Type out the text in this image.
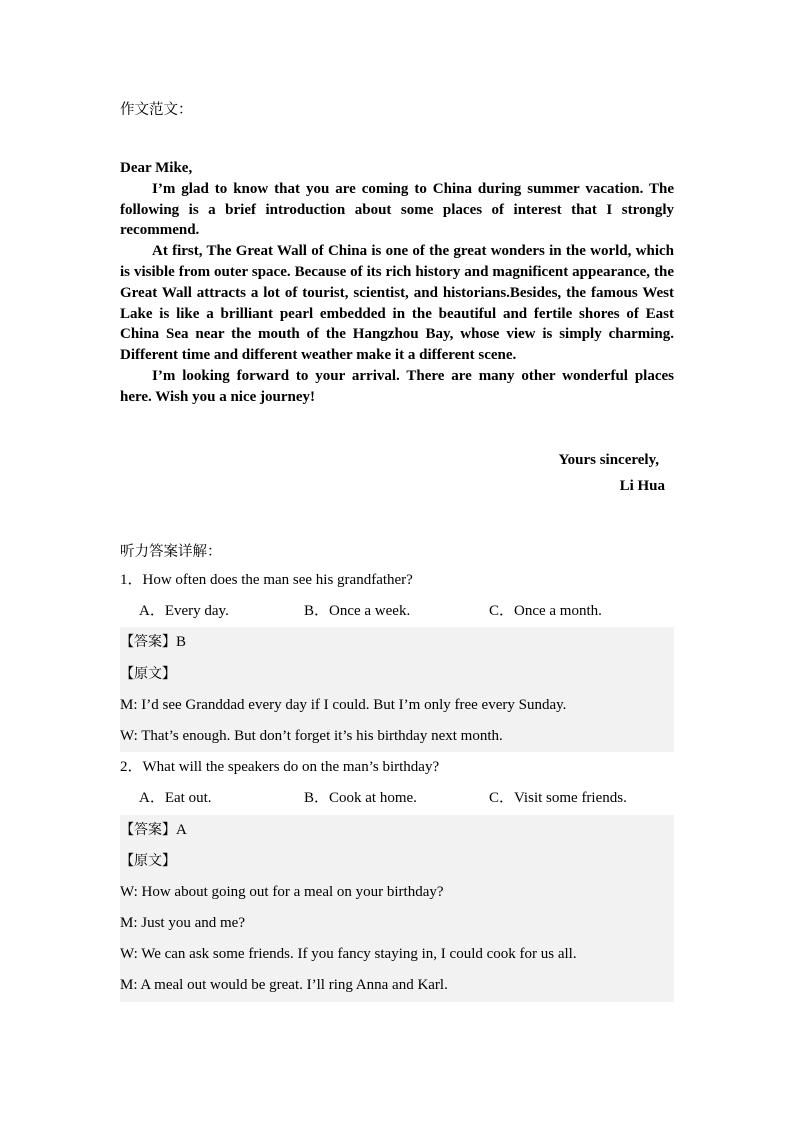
作文范文：

Dear Mike,

I’m glad to know that you are coming to China during summer vacation. The following is a brief introduction about some places of interest that I strongly recommend.

At first, The Great Wall of China is one of the great wonders in the world, which is visible from outer space. Because of its rich history and magnificent appearance, the Great Wall attracts a lot of tourist, scientist, and historians.Besides, the famous West Lake is like a brilliant pearl embedded in the beautiful and fertile shores of East China Sea near the mouth of the Hangzhou Bay, whose view is simply charming. Different time and different weather make it a different scene.

I’m looking forward to your arrival. There are many other wonderful places here. Wish you a nice journey!

Yours sincerely,
Li Hua
听力答案详解：
1．How often does the man see his grandfather?
A．Every day.	B．Once a week.	C．Once a month.
【答案】B
【原文】
M: I’d see Granddad every day if I could. But I’m only free every Sunday.
W: That’s enough. But don’t forget it’s his birthday next month.
2．What will the speakers do on the man’s birthday?
A．Eat out.	B．Cook at home.	C．Visit some friends.
【答案】A
【原文】
W: How about going out for a meal on your birthday?
M: Just you and me?
W: We can ask some friends. If you fancy staying in, I could cook for us all.
M: A meal out would be great. I’ll ring Anna and Karl.
